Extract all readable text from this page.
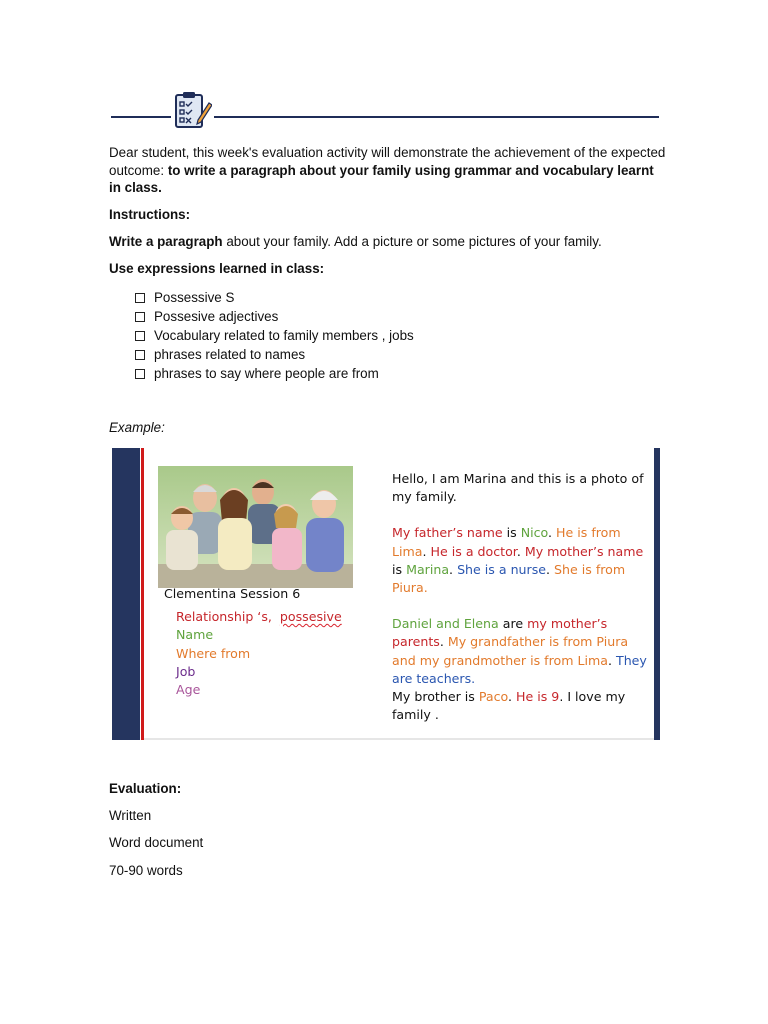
Dear student, this week's evaluation activity will demonstrate the achievement of the expected outcome: to write a paragraph about your family using grammar and vocabulary learnt in class.
Instructions:
Write a paragraph about your family. Add a picture or some pictures of your family.
Use expressions learned in class:
Possessive S
Possesive adjectives
Vocabulary related to family members , jobs
phrases related to names
phrases to say where people are from
Example:
Clementina Session 6
Relationship ‘s, possesive
Name
Where from
Job
Age
Hello, I am Marina and this is a photo of my family.
My father’s name is Nico. He is from Lima. He is a doctor. My mother’s name is Marina. She is a nurse. She is from Piura.
Daniel and Elena are my mother’s parents. My grandfather is from Piura and my grandmother is from Lima. They are teachers.
My brother is Paco. He is 9. I love my family .
Evaluation:
Written
Word document
70-90 words
